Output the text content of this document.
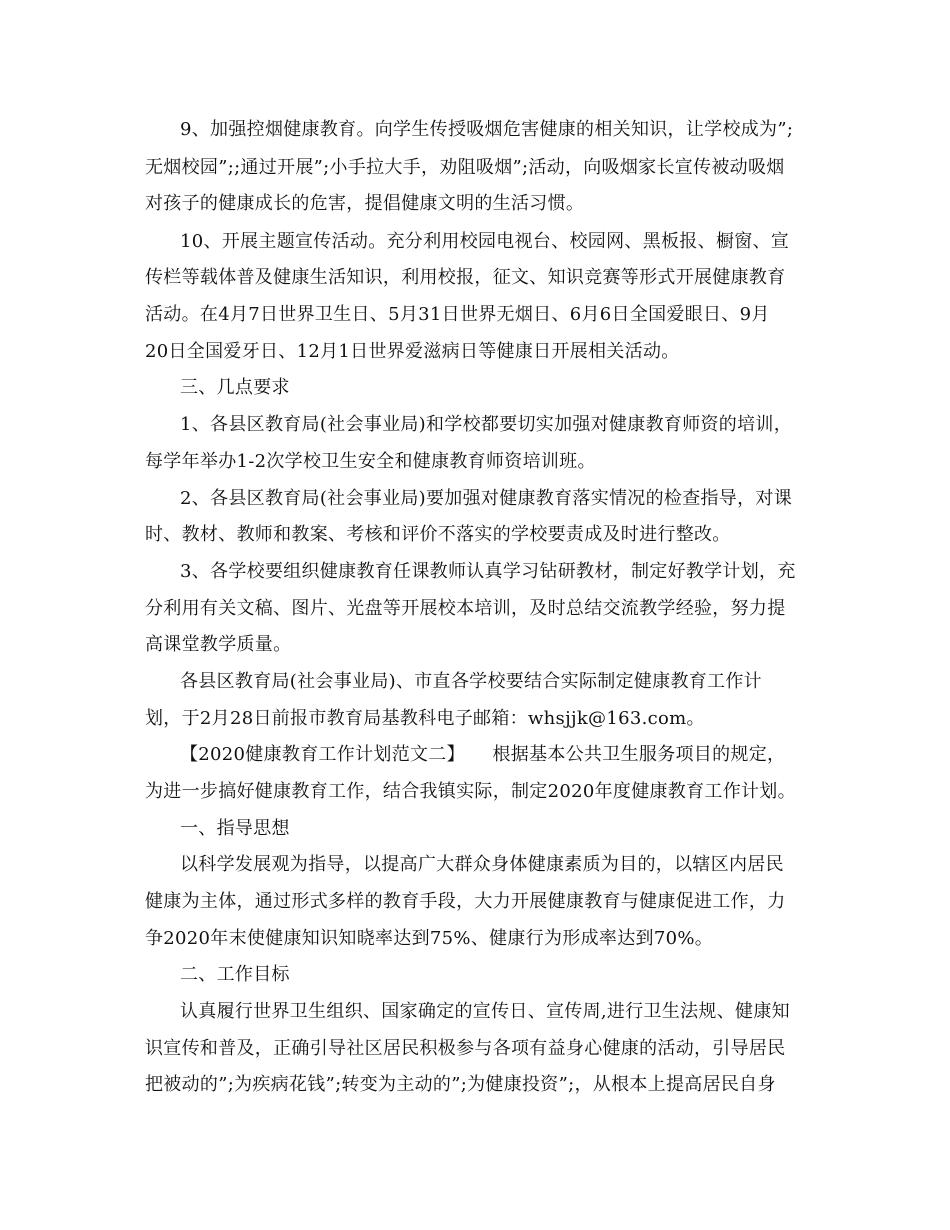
9、加强控烟健康教育。向学生传授吸烟危害健康的相关知识，让学校成为”;
无烟校园”;;通过开展”;小手拉大手，劝阻吸烟”;活动，向吸烟家长宣传被动吸烟
对孩子的健康成长的危害，提倡健康文明的生活习惯。
10、开展主题宣传活动。充分利用校园电视台、校园网、黑板报、橱窗、宣
传栏等载体普及健康生活知识，利用校报，征文、知识竞赛等形式开展健康教育
活动。在4月7日世界卫生日、5月31日世界无烟日、6月6日全国爱眼日、9月
20日全国爱牙日、12月1日世界爱滋病日等健康日开展相关活动。
三、几点要求
1、各县区教育局(社会事业局)和学校都要切实加强对健康教育师资的培训，
每学年举办1-2次学校卫生安全和健康教育师资培训班。
2、各县区教育局(社会事业局)要加强对健康教育落实情况的检查指导，对课
时、教材、教师和教案、考核和评价不落实的学校要责成及时进行整改。
3、各学校要组织健康教育任课教师认真学习钻研教材，制定好教学计划，充
分利用有关文稿、图片、光盘等开展校本培训，及时总结交流教学经验，努力提
高课堂教学质量。
各县区教育局(社会事业局)、市直各学校要结合实际制定健康教育工作计
划，于2月28日前报市教育局基教科电子邮箱：whsjjk@163.com。
【2020健康教育工作计划范文二】　　根据基本公共卫生服务项目的规定，
为进一步搞好健康教育工作，结合我镇实际，制定2020年度健康教育工作计划。
一、指导思想
以科学发展观为指导，以提高广大群众身体健康素质为目的，以辖区内居民
健康为主体，通过形式多样的教育手段，大力开展健康教育与健康促进工作，力
争2020年末使健康知识知晓率达到75%、健康行为形成率达到70%。
二、工作目标
认真履行世界卫生组织、国家确定的宣传日、宣传周,进行卫生法规、健康知
识宣传和普及，正确引导社区居民积极参与各项有益身心健康的活动，引导居民
把被动的”;为疾病花钱”;转变为主动的”;为健康投资”;，从根本上提高居民自身
